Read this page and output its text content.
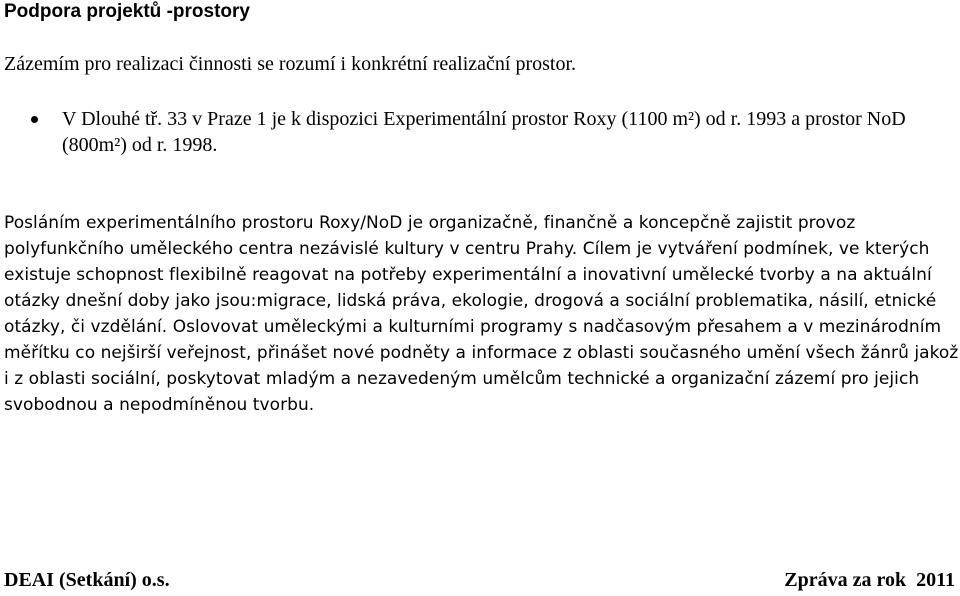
Podpora projektů -prostory

Zázemím pro realizaci činnosti se rozumí i konkrétní realizační prostor.

V Dlouhé tř. 33 v Praze 1 je k dispozici Experimentální prostor Roxy (1100 m²) od r. 1993 a prostor NoD (800m²) od r. 1998.

Posláním experimentálního prostoru Roxy/NoD je organizačně, finančně a koncepčně zajistit provoz polyfunkčního uměleckého centra nezávislé kultury v centru Prahy. Cílem je vytváření podmínek, ve kterých existuje schopnost flexibilně reagovat na potřeby experimentální a inovativní umělecké tvorby a na aktuální otázky dnešní doby jako jsou:migrace, lidská práva, ekologie, drogová a sociální problematika, násilí, etnické otázky, či vzdělání. Oslovovat uměleckými a kulturními programy s nadčasovým přesahem a v mezinárodním měřítku co nejširší veřejnost, přinášet nové podněty a informace z oblasti současného umění všech žánrů jakož i z oblasti sociální, poskytovat mladým a nezavedeným umělcům technické a organizační zázemí pro jejich svobodnou a nepodmíněnou tvorbu.

DEAI (Setkání) o.s.	Zpráva za rok  2011
